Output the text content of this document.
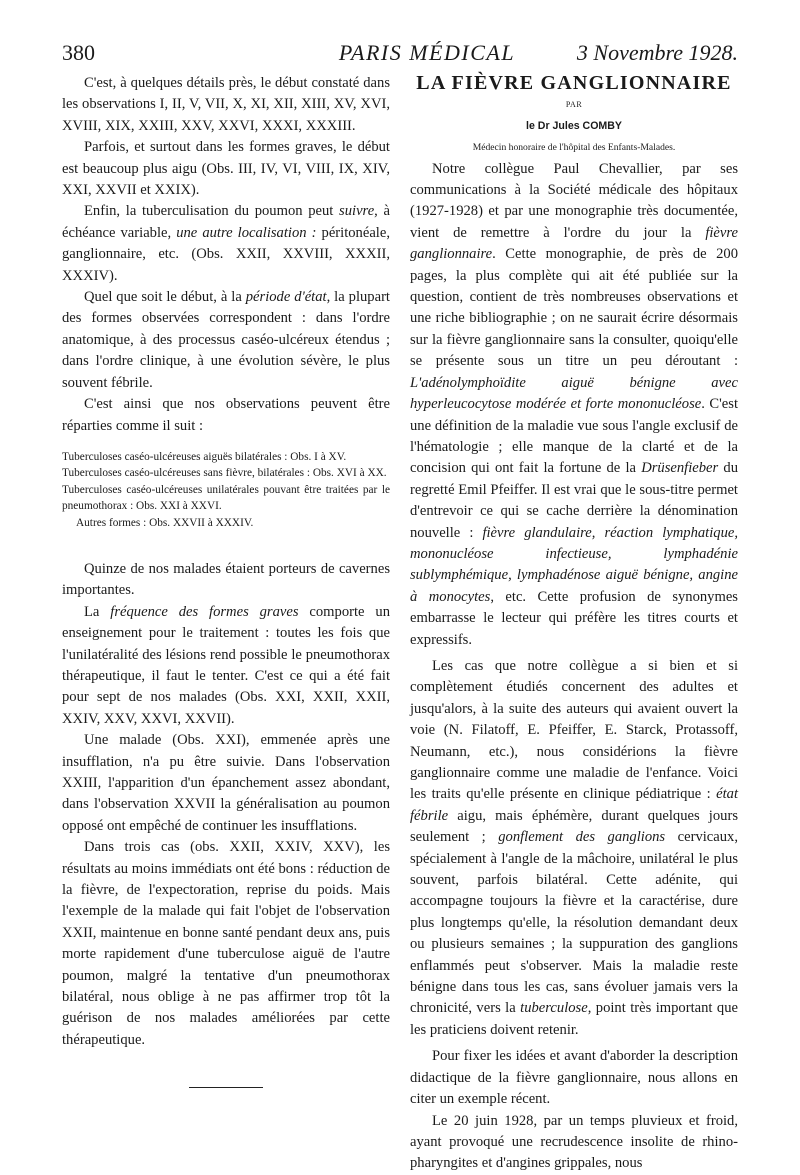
380	PARIS MÉDICAL	3 Novembre 1928.

C'est, à quelques détails près, le début constaté dans les observations I, II, V, VII, X, XI, XII, XIII, XV, XVI, XVIII, XIX, XXIII, XXV, XXVI, XXXI, XXXIII.

Parfois, et surtout dans les formes graves, le début est beaucoup plus aigu (Obs. III, IV, VI, VIII, IX, XIV, XXI, XXVII et XXIX).

Enfin, la tuberculisation du poumon peut suivre, à échéance variable, une autre localisation : péritonéale, ganglionnaire, etc. (Obs. XXII, XXVIII, XXXII, XXXIV).

Quel que soit le début, à la période d'état, la plupart des formes observées correspondent : dans l'ordre anatomique, à des processus caséo-ulcéreux étendus ; dans l'ordre clinique, à une évolution sévère, le plus souvent fébrile.

C'est ainsi que nos observations peuvent être réparties comme il suit :

Tuberculoses caséo-ulcéreuses aiguës bilatérales : Obs. I à XV.

Tuberculoses caséo-ulcéreuses sans fièvre, bilatérales : Obs. XVI à XX.

Tuberculoses caséo-ulcéreuses unilatérales pouvant être traitées par le pneumothorax : Obs. XXI à XXVI.

Autres formes : Obs. XXVII à XXXIV.

Quinze de nos malades étaient porteurs de cavernes importantes.

La fréquence des formes graves comporte un enseignement pour le traitement : toutes les fois que l'unilatéralité des lésions rend possible le pneumothorax thérapeutique, il faut le tenter. C'est ce qui a été fait pour sept de nos malades (Obs. XXI, XXII, XXII, XXIV, XXV, XXVI, XXVII).

Une malade (Obs. XXI), emmenée après une insufflation, n'a pu être suivie. Dans l'observation XXIII, l'apparition d'un épanchement assez abondant, dans l'observation XXVII la généralisation au poumon opposé ont empêché de continuer les insufflations.

Dans trois cas (obs. XXII, XXIV, XXV), les résultats au moins immédiats ont été bons : réduction de la fièvre, de l'expectoration, reprise du poids. Mais l'exemple de la malade qui fait l'objet de l'observation XXII, maintenue en bonne santé pendant deux ans, puis morte rapidement d'une tuberculose aiguë de l'autre poumon, malgré la tentative d'un pneumothorax bilatéral, nous oblige à ne pas affirmer trop tôt la guérison de nos malades améliorées par cette thérapeutique.

LA FIÈVRE GANGLIONNAIRE

PAR

le Dr Jules COMBY

Médecin honoraire de l'hôpital des Enfants-Malades.

Notre collègue Paul Chevallier, par ses communications à la Société médicale des hôpitaux (1927-1928) et par une monographie très documentée, vient de remettre à l'ordre du jour la fièvre ganglionnaire. Cette monographie, de près de 200 pages, la plus complète qui ait été publiée sur la question, contient de très nombreuses observations et une riche bibliographie ; on ne saurait écrire désormais sur la fièvre ganglionnaire sans la consulter, quoiqu'elle se présente sous un titre un peu déroutant : L'adénolymphoïdite aiguë bénigne avec hyperleucocytose modérée et forte mononucléose. C'est une définition de la maladie vue sous l'angle exclusif de l'hématologie ; elle manque de la clarté et de la concision qui ont fait la fortune de la Drüsenfieber du regretté Emil Pfeiffer. Il est vrai que le sous-titre permet d'entrevoir ce qui se cache derrière la dénomination nouvelle : fièvre glandulaire, réaction lymphatique, mononucléose infectieuse, lymphadénie sublymphémique, lymphadénose aiguë bénigne, angine à monocytes, etc. Cette profusion de synonymes embarrasse le lecteur qui préfère les titres courts et expressifs.

Les cas que notre collègue a si bien et si complètement étudiés concernent des adultes et jusqu'alors, à la suite des auteurs qui avaient ouvert la voie (N. Filatoff, E. Pfeiffer, E. Starck, Protassoff, Neumann, etc.), nous considérions la fièvre ganglionnaire comme une maladie de l'enfance. Voici les traits qu'elle présente en clinique pédiatrique : état fébrile aigu, mais éphémère, durant quelques jours seulement ; gonflement des ganglions cervicaux, spécialement à l'angle de la mâchoire, unilatéral le plus souvent, parfois bilatéral. Cette adénite, qui accompagne toujours la fièvre et la caractérise, dure plus longtemps qu'elle, la résolution demandant deux ou plusieurs semaines ; la suppuration des ganglions enflammés peut s'observer. Mais la maladie reste bénigne dans tous les cas, sans évoluer jamais vers la chronicité, vers la tuberculose, point très important que les praticiens doivent retenir.

Pour fixer les idées et avant d'aborder la description didactique de la fièvre ganglionnaire, nous allons en citer un exemple récent.

Le 20 juin 1928, par un temps pluvieux et froid, ayant provoqué une recrudescence insolite de rhino-pharyngites et d'angines grippales, nous
